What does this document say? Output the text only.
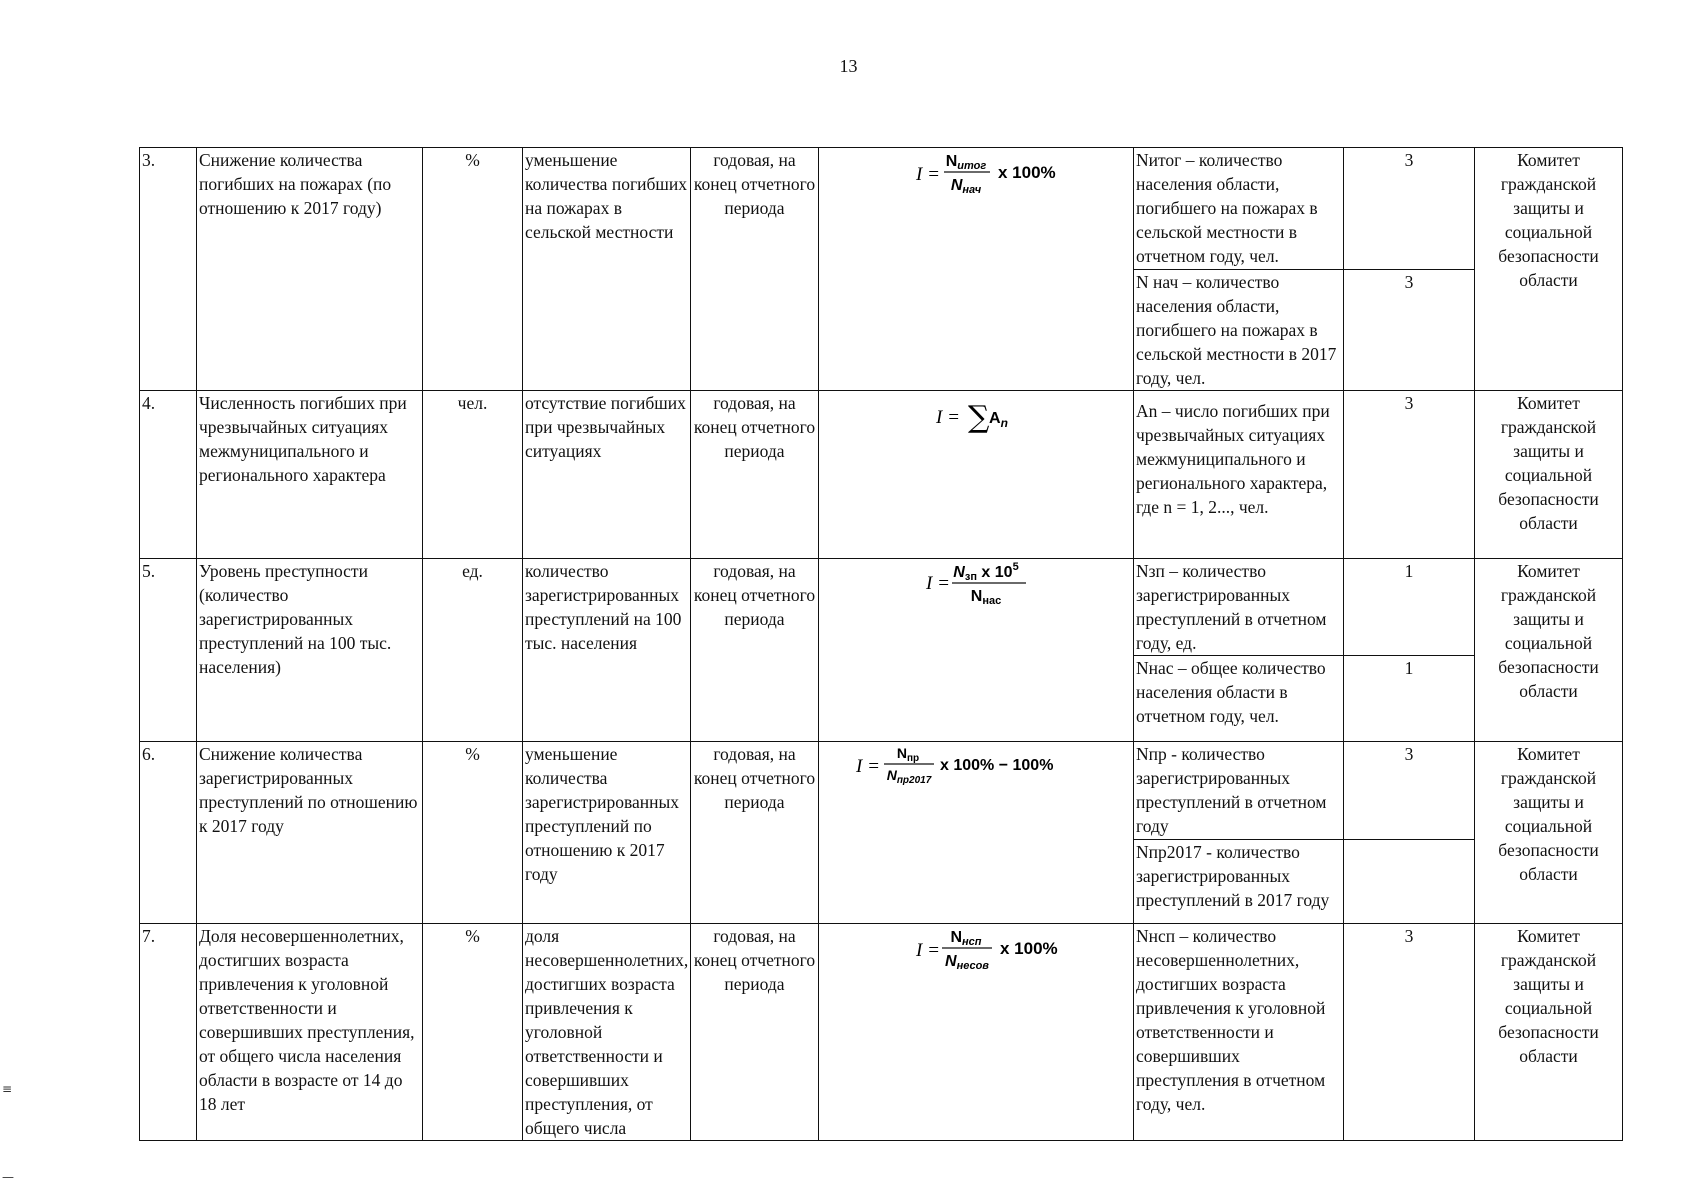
13
3.	Снижение количества погибших на пожарах (по отношению к 2017 году)	%	уменьшение количества погибших на пожарах в сельской местности	годовая, на конец отчетного периода	I =
Nитог
Nнач
x 100%	Nитог – количество населения области, погибшего на пожарах в сельской местности в отчетном году, чел.	3	Комитет гражданской защиты и социальной безопасности области
						N нач – количество населения области, погибшего на пожарах в сельской местности в 2017 году, чел.	3	
4.	Численность погибших при чрезвычайных ситуациях межмуниципального и регионального характера	чел.	отсутствие погибших при чрезвычайных ситуациях	годовая, на конец отчетного периода	I = ∑ $A_n$	An – число погибших при чрезвычайных ситуациях межмуниципального и регионального характера, где n = 1, 2..., чел.	3	Комитет гражданской защиты и социальной безопасности области
5.	Уровень преступности (количество зарегистрированных преступлений на 100 тыс. населения)	ед.	количество зарегистрированных преступлений на 100 тыс. населения	годовая, на конец отчетного периода	I =
Nзп x $10^5$
Nнас	Nзп – количество зарегистрированных преступлений в отчетном году, ед.	1	Комитет гражданской защиты и социальной безопасности области
						Nнас – общее количество населения области в отчетном году, чел.	1	
6.	Снижение количества зарегистрированных преступлений по отношению к 2017 году	%	уменьшение количества зарегистрированных преступлений по отношению к 2017 году	годовая, на конец отчетного периода	I =
$N_{пр}$
$N_{пр2017}$
x 100% − 100%	Nпр - количество зарегистрированных преступлений в отчетном году	3	Комитет гражданской защиты и социальной безопасности области
						Nпр2017 - количество зарегистрированных преступлений в 2017 году		
7.	Доля несовершеннолетних, достигших возраста привлечения к уголовной ответственности и совершивших преступления, от общего числа населения области в возрасте от 14 до 18 лет	%	доля несовершеннолетних, достигших возраста привлечения к уголовной ответственности и совершивших преступления, от общего числа	годовая, на конец отчетного периода	I =
Nнсп
Nнесов
x 100%	Nнсп – количество несовершеннолетних, достигших возраста привлечения к уголовной ответственности и совершивших преступления в отчетном году, чел.	3	Комитет гражданской защиты и социальной безопасности области
≡
—
